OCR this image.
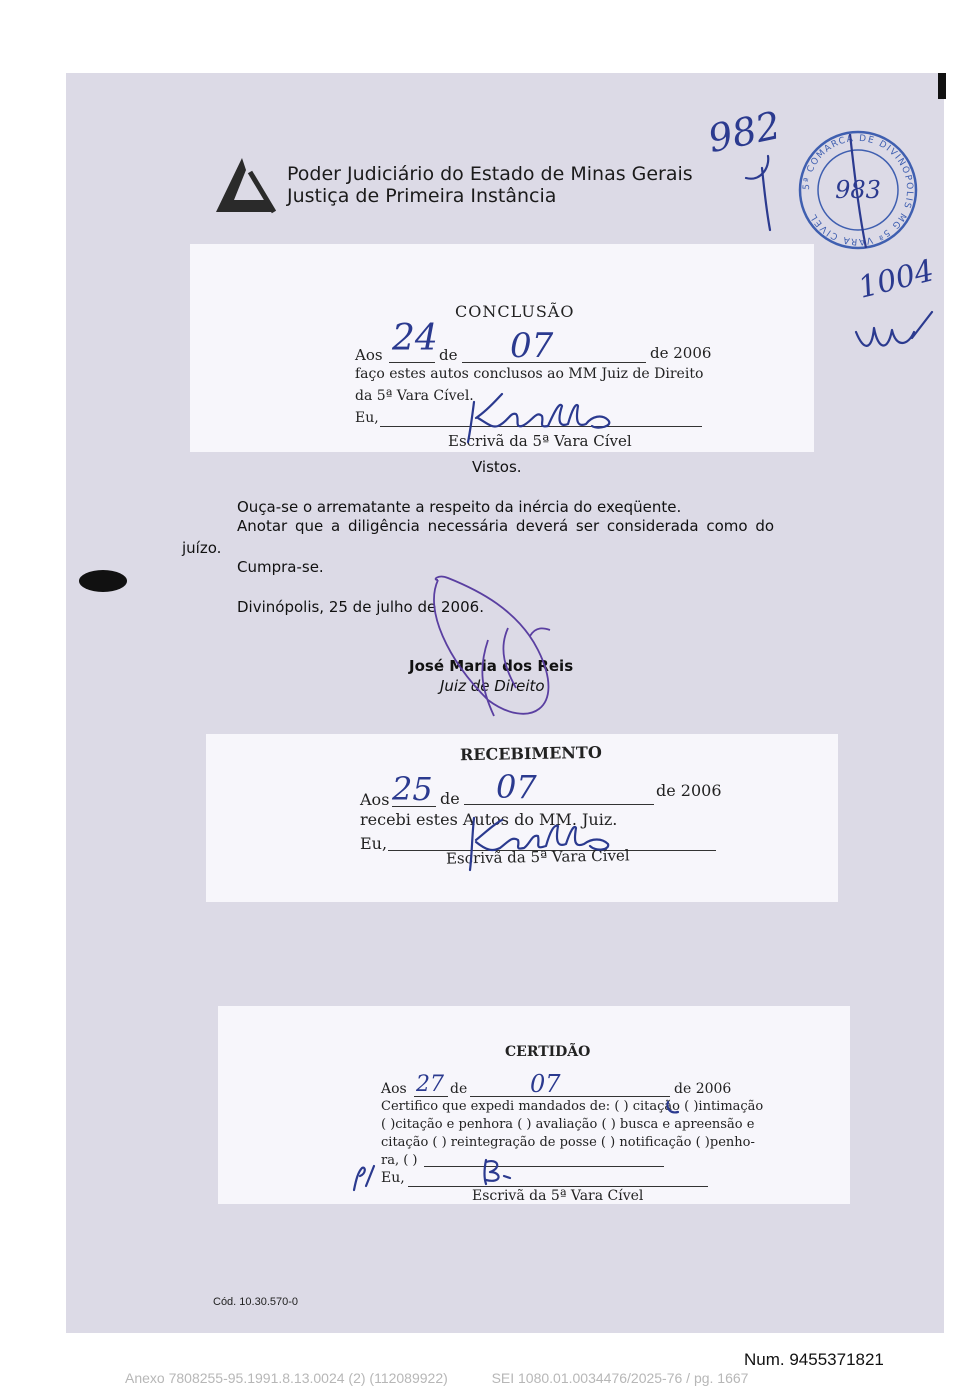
Poder Judiciário do Estado de Minas Gerais
Justiça de Primeira Instância
982
1004
5ª COMARCA DE DIVINÓPOLIS MG 5ª VARA CÍVEL
983
CONCLUSÃO
Aos	de	de 2006
24 07
faço estes autos conclusos ao MM Juiz de Direito
da 5ª Vara Cível.
Eu,
Escrivã da 5ª Vara Cível
Vistos.
Ouça-se o arrematante a respeito da inércia do exeqüente.
Anotar que a diligência necessária deverá ser considerada como do
juízo.
Cumpra-se.
Divinópolis, 25 de julho de 2006.
José Maria dos Reis
Juiz de Direito
RECEBIMENTO
Aos	de	de 2006
25 07
recebi estes Autos do MM. Juiz.
Eu,
Escrivã da 5ª Vara Cível
CERTIDÃO
Aos	de	de 2006
27	07
Certifico que expedi mandados de: ( ) citação ( )intimação
( )citação e penhora ( ) avaliação ( ) busca e apreensão e
citação ( ) reintegração de posse ( ) notificação ( )penho-
ra, ( )
Eu,
Escrivã da 5ª Vara Cível
Cód. 10.30.570-0
Num. 9455371821
Anexo 7808255-95.1991.8.13.0024 (2) (112089922)	SEI 1080.01.0034476/2025-76 / pg. 1667
